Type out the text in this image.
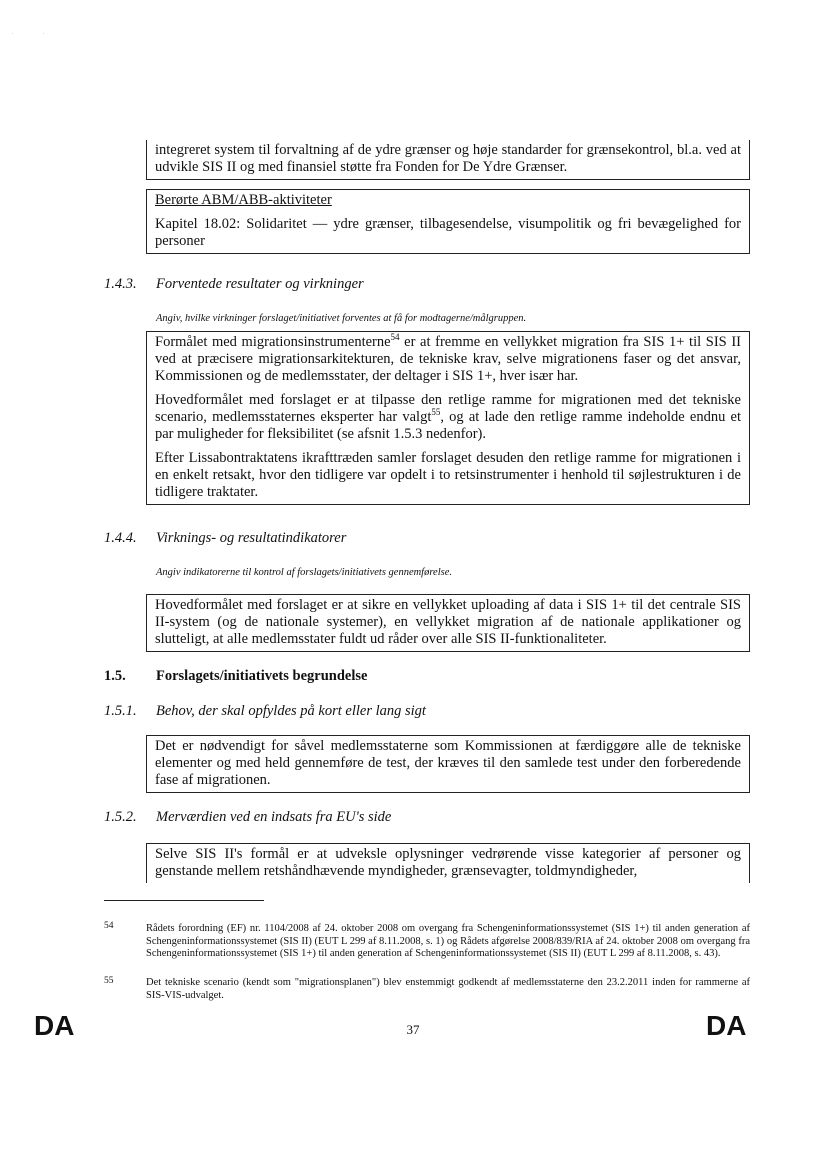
. .

integreret system til forvaltning af de ydre grænser og høje standarder for grænsekontrol, bl.a. ved at udvikle SIS II og med finansiel støtte fra Fonden for De Ydre Grænser.

Berørte ABM/ABB-aktiviteter

Kapitel 18.02: Solidaritet — ydre grænser, tilbagesendelse, visumpolitik og fri bevægelighed for personer

1.4.3. Forventede resultater og virkninger
Angiv, hvilke virkninger forslaget/initiativet forventes at få for modtagerne/målgruppen.

Formålet med migrationsinstrumenterne$^{54}$ er at fremme en vellykket migration fra SIS 1+ til SIS II ved at præcisere migrationsarkitekturen, de tekniske krav, selve migrationens faser og det ansvar, Kommissionen og de medlemsstater, der deltager i SIS 1+, hver især har.

Hovedformålet med forslaget er at tilpasse den retlige ramme for migrationen med det tekniske scenario, medlemsstaternes eksperter har valgt$^{55}$, og at lade den retlige ramme indeholde endnu et par muligheder for fleksibilitet (se afsnit 1.5.3 nedenfor).

Efter Lissabontraktatens ikrafttræden samler forslaget desuden den retlige ramme for migrationen i en enkelt retsakt, hvor den tidligere var opdelt i to retsinstrumenter i henhold til søjlestrukturen i de tidligere traktater.

1.4.4. Virknings- og resultatindikatorer
Angiv indikatorerne til kontrol af forslagets/initiativets gennemførelse.

Hovedformålet med forslaget er at sikre en vellykket uploading af data i SIS 1+ til det centrale SIS II-system (og de nationale systemer), en vellykket migration af de nationale applikationer og slutteligt, at alle medlemsstater fuldt ud råder over alle SIS II-funktionaliteter.

1.5. Forslagets/initiativets begrundelse
1.5.1. Behov, der skal opfyldes på kort eller lang sigt

Det er nødvendigt for såvel medlemsstaterne som Kommissionen at færdiggøre alle de tekniske elementer og med held gennemføre de test, der kræves til den samlede test under den forberedende fase af migrationen.

1.5.2. Merværdien ved en indsats fra EU's side

Selve SIS II's formål er at udveksle oplysninger vedrørende visse kategorier af personer og genstande mellem retshåndhævende myndigheder, grænsevagter, toldmyndigheder,

54	Rådets forordning (EF) nr. 1104/2008 af 24. oktober 2008 om overgang fra Schengeninformationssystemet (SIS 1+) til anden generation af Schengeninformationssystemet (SIS II) (EUT L 299 af 8.11.2008, s. 1) og Rådets afgørelse 2008/839/RIA af 24. oktober 2008 om overgang fra Schengeninformationssystemet (SIS 1+) til anden generation af Schengeninformationssystemet (SIS II) (EUT L 299 af 8.11.2008, s. 43).
55	Det tekniske scenario (kendt som "migrationsplanen") blev enstemmigt godkendt af medlemsstaterne den 23.2.2011 inden for rammerne af SIS-VIS-udvalget.
DA	37	DA
